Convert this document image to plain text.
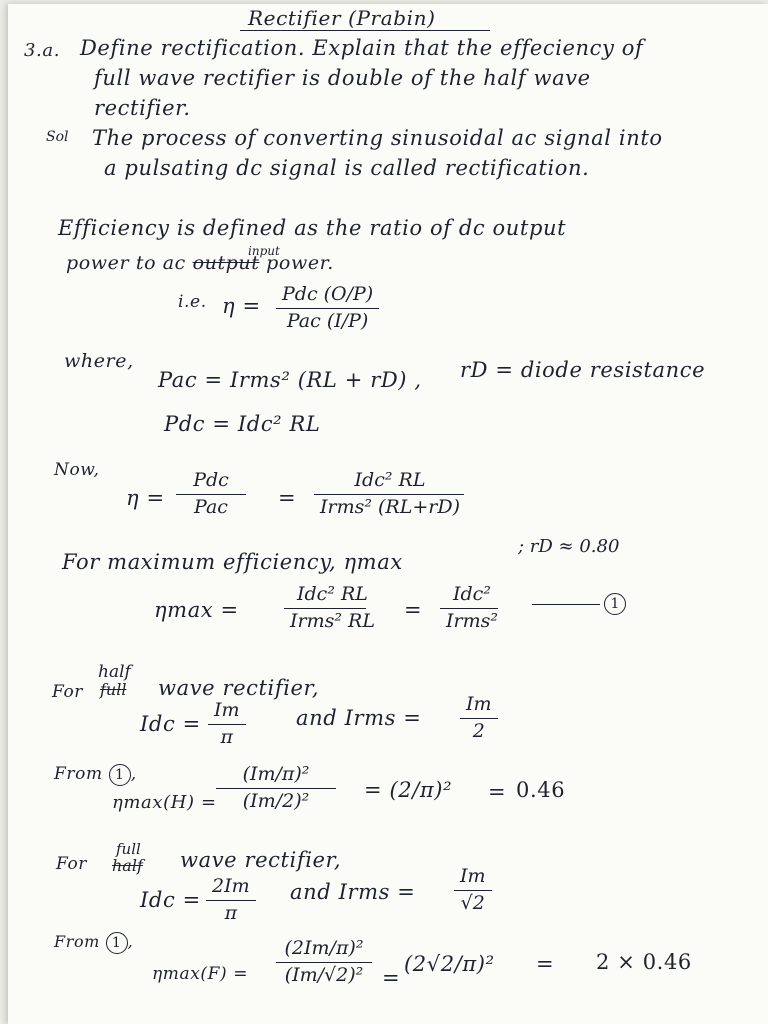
Rectifier (Prabin)
3.a. Define rectification. Explain that the effeciency of
full wave rectifier is double of the half wave
rectifier.
Sol The process of converting sinusoidal ac signal into
a pulsating dc signal is called rectification.
Efficiency is defined as the ratio of dc output
power to ac output power.
input
i.e. η =	Pdc (O/P)
Pac (I/P)
where,
Pac = Irms² (RL + rD) , rD = diode resistance
Pdc = Idc² RL
Now,
η =
Pdc
Pac =
Idc² RL
Irms² (RL+rD)
For maximum efficiency, ηmax
; rD ≈ 0.80
ηmax =
Idc² RL
Irms² RL =
Idc²
Irms²
1
For
half
full wave rectifier,
Idc =
Im
π
and Irms =
Im
2
From 1 ,
ηmax(H) =
(Im/π)²
(Im/2)²	= (2/π)² = 0.46
For
full
half wave rectifier,
Idc =
2Im
π
and Irms =
Im
√2
From 1 ,
ηmax(F) =
(2Im/π)²
(Im/√2)² =
(2√2/π)² = 2 × 0.46
